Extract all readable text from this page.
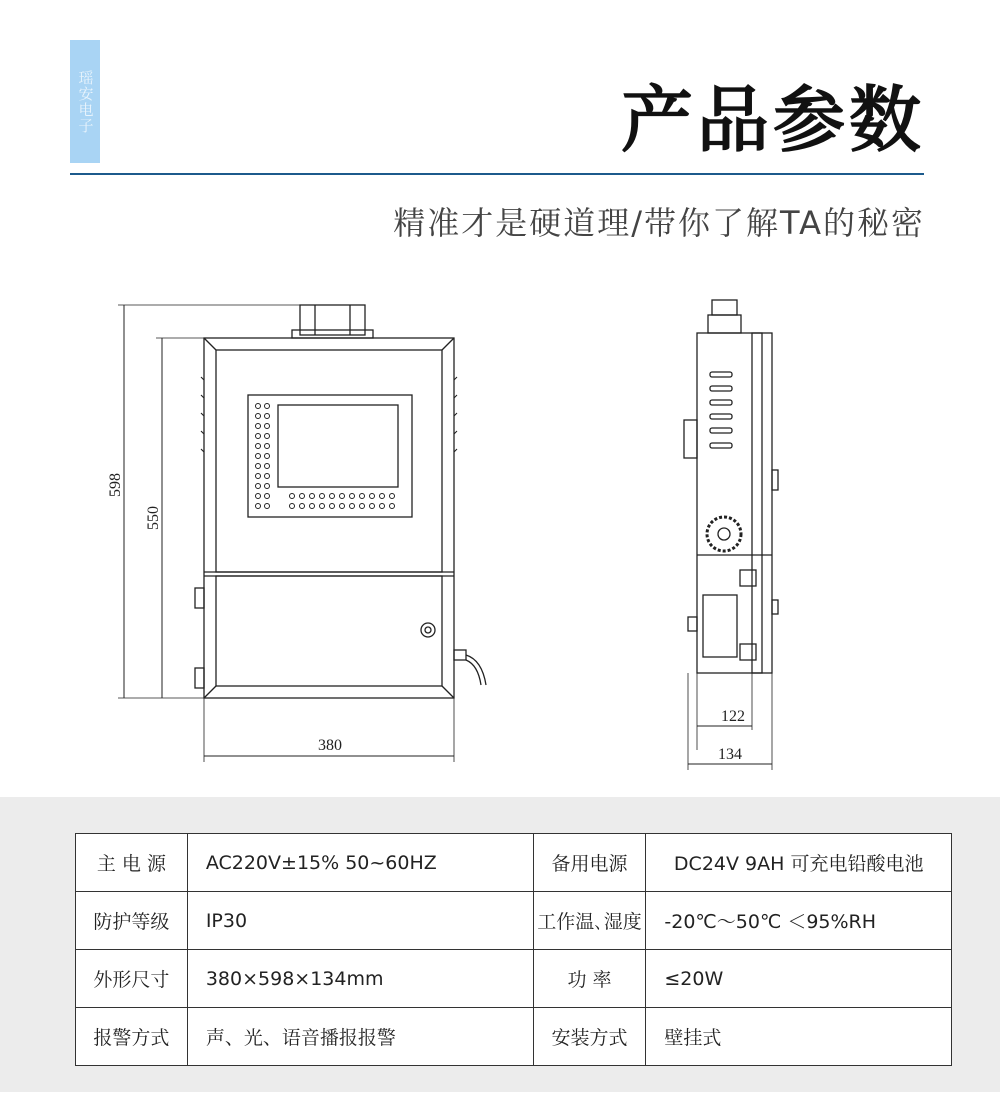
瑶安电子	产品参数
精准才是硬道理/带你了解TA的秘密
598
550
380
122
134
主 电 源	AC220V±15% 50~60HZ	备用电源	DC24V 9AH 可充电铅酸电池
防护等级	IP30	工作温､湿度	-20℃～50℃ ＜95%RH
外形尺寸	380×598×134mm	功 率	≤20W
报警方式	声、光、语音播报报警	安装方式	壁挂式
